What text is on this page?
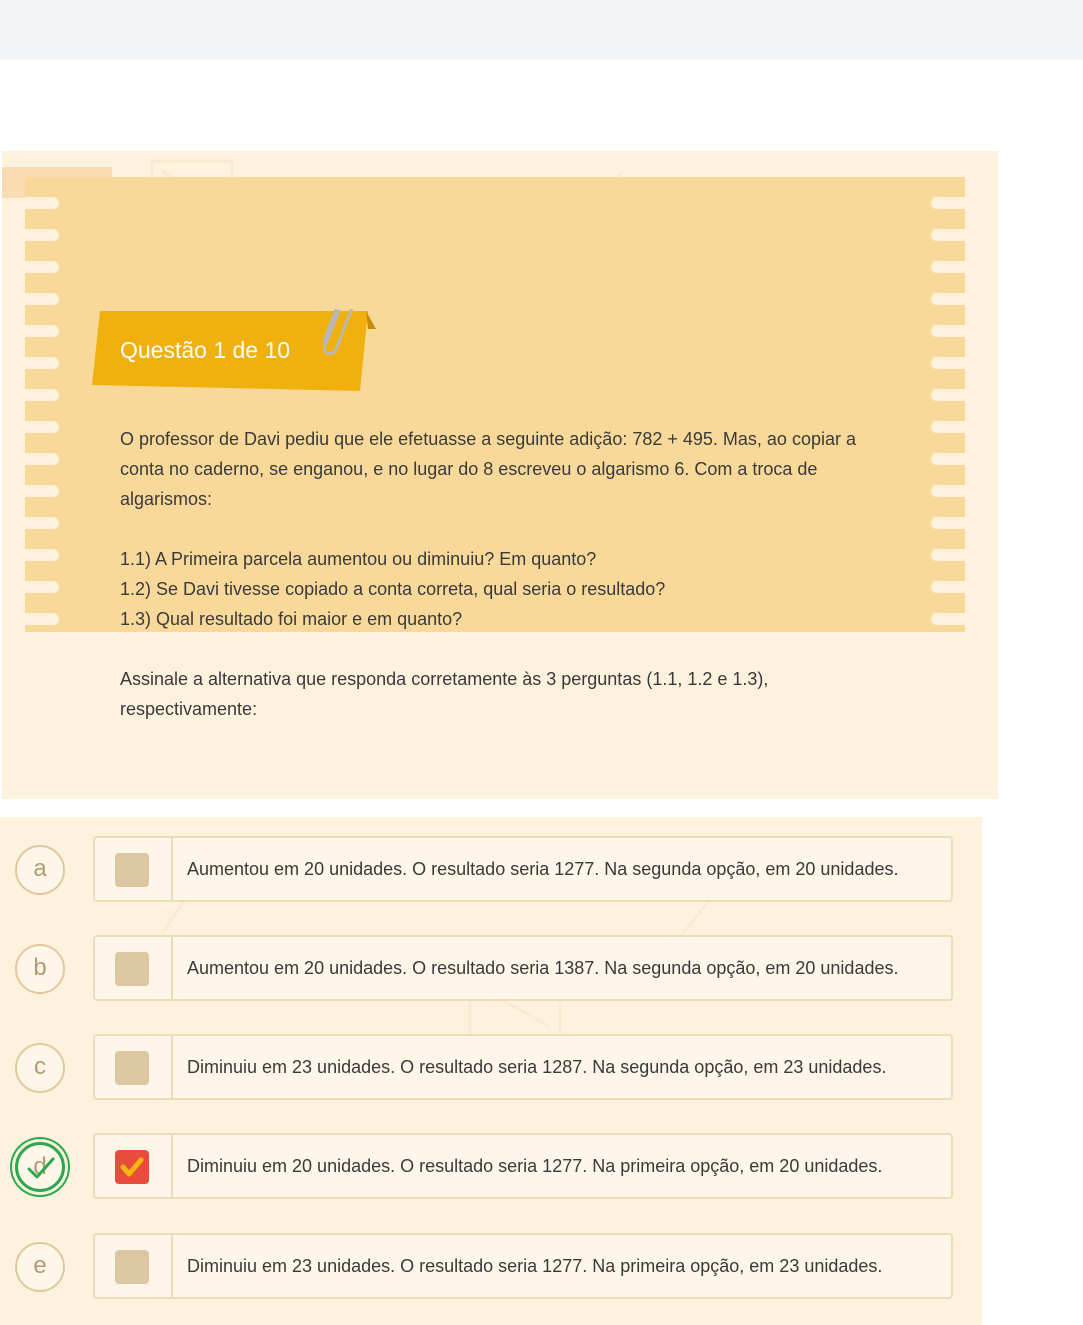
Questão 1 de 10

O professor de Davi pediu que ele efetuasse a seguinte adição: 782 + 495. Mas, ao copiar a conta no caderno, se enganou, e no lugar do 8 escreveu o algarismo 6. Com a troca de algarismos:

1.1) A Primeira parcela aumentou ou diminuiu? Em quanto?

1.2) Se Davi tivesse copiado a conta correta, qual seria o resultado?

1.3) Qual resultado foi maior e em quanto?

Assinale a alternativa que responda corretamente às 3 perguntas (1.1, 1.2 e 1.3), respectivamente:

a	Aumentou em 20 unidades. O resultado seria 1277. Na segunda opção, em 20 unidades.
b	Aumentou em 20 unidades. O resultado seria 1387. Na segunda opção, em 20 unidades.
c	Diminuiu em 23 unidades. O resultado seria 1287. Na segunda opção, em 23 unidades.
d	Diminuiu em 20 unidades. O resultado seria 1277. Na primeira opção, em 20 unidades.
e	Diminuiu em 23 unidades. O resultado seria 1277. Na primeira opção, em 23 unidades.
